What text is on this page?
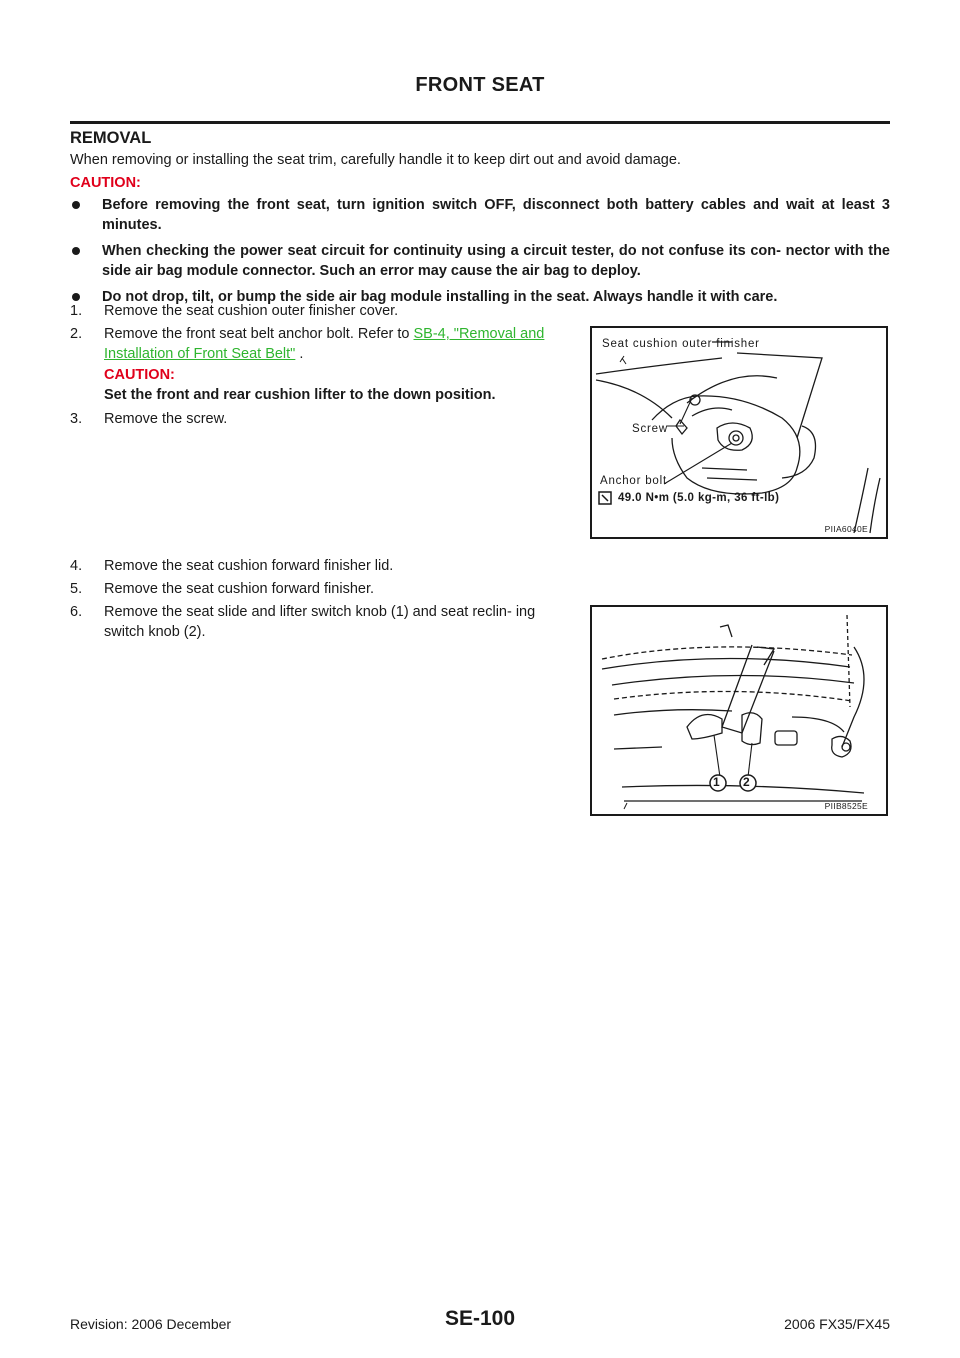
FRONT SEAT
REMOVAL
When removing or installing the seat trim, carefully handle it to keep dirt out and avoid damage.
CAUTION:
Before removing the front seat, turn ignition switch OFF, disconnect both battery cables and wait at least 3 minutes.
When checking the power seat circuit for continuity using a circuit tester, do not confuse its con- nector with the side air bag module connector. Such an error may cause the air bag to deploy.
Do not drop, tilt, or bump the side air bag module installing in the seat. Always handle it with care.
1. Remove the seat cushion outer finisher cover.
2. Remove the front seat belt anchor bolt. Refer to SB-4, "Removal and Installation of Front Seat Belt" .
CAUTION:
Set the front and rear cushion lifter to the down position.
3. Remove the screw.
Seat cushion outer finisher
Screw
Anchor bolt
49.0 N•m (5.0 kg-m, 36 ft-lb)
PIIA6040E
4. Remove the seat cushion forward finisher lid.
5. Remove the seat cushion forward finisher.
6. Remove the seat slide and lifter switch knob (1) and seat reclin- ing switch knob (2).
1 2
PIIB8525E
Revision: 2006 December	SE-100	2006 FX35/FX45
